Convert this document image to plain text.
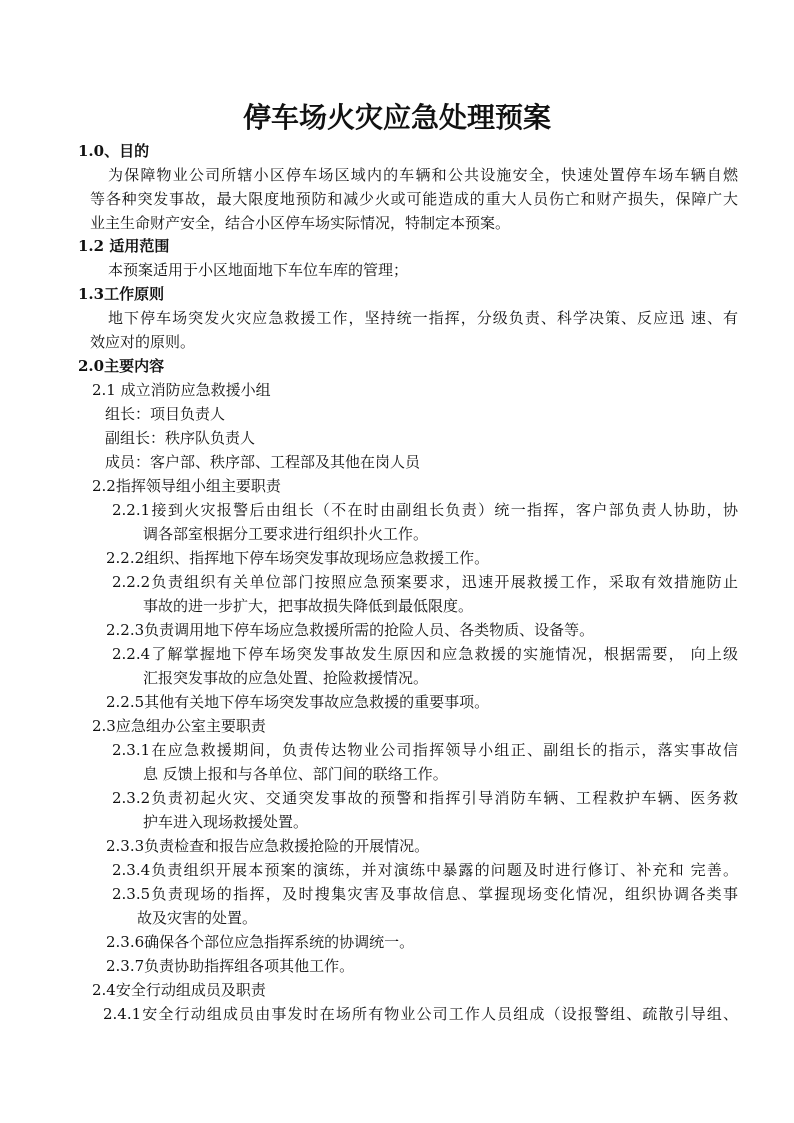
停车场火灾应急处理预案
1.0、目的
为保障物业公司所辖小区停车场区域内的车辆和公共设施安全，快速处置停车场车辆自燃
等各种突发事故，最大限度地预防和减少火或可能造成的重大人员伤亡和财产损失，保障广大
业主生命财产安全，结合小区停车场实际情况，特制定本预案。
1.2 适用范围
本预案适用于小区地面地下车位车库的管理；
1.3工作原则
地下停车场突发火灾应急救援工作，坚持统一指挥，分级负责、科学决策、反应迅 速、有
效应对的原则。
2.0主要内容
2.1 成立消防应急救援小组
组长：项目负责人
副组长：秩序队负责人
成员：客户部、秩序部、工程部及其他在岗人员
2.2指挥领导组小组主要职责
2.2.1接到火灾报警后由组长（不在时由副组长负责）统一指挥，客户部负责人协助，协
调各部室根据分工要求进行组织扑火工作。
2.2.2组织、指挥地下停车场突发事故现场应急救援工作。
2.2.2负责组织有关单位部门按照应急预案要求，迅速开展救援工作，采取有效措施防止
事故的进一步扩大，把事故损失降低到最低限度。
2.2.3负责调用地下停车场应急救援所需的抢险人员、各类物质、设备等。
2.2.4了解掌握地下停车场突发事故发生原因和应急救援的实施情况，根据需要， 向上级
汇报突发事故的应急处置、抢险救援情况。
2.2.5其他有关地下停车场突发事故应急救援的重要事项。
2.3应急组办公室主要职责
2.3.1在应急救援期间，负责传达物业公司指挥领导小组正、副组长的指示，落实事故信
息 反馈上报和与各单位、部门间的联络工作。
2.3.2负责初起火灾、交通突发事故的预警和指挥引导消防车辆、工程救护车辆、医务救
护车进入现场救援处置。
2.3.3负责检查和报告应急救援抢险的开展情况。
2.3.4负责组织开展本预案的演练，并对演练中暴露的问题及时进行修订、补充和 完善。
2.3.5负责现场的指挥，及时搜集灾害及事故信息、掌握现场变化情况，组织协调各类事
故及灾害的处置。
2.3.6确保各个部位应急指挥系统的协调统一。
2.3.7负责协助指挥组各项其他工作。
2.4安全行动组成员及职责
2.4.1安全行动组成员由事发时在场所有物业公司工作人员组成（设报警组、疏散引导组、
